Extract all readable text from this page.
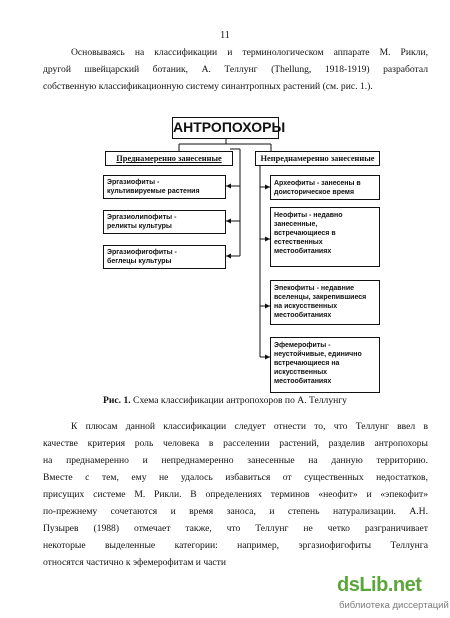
11
Основываясь на классификации и терминологическом аппарате М. Рикли,
другой швейцарский ботаник, А. Теллунг (Thellung, 1918-1919) разработал
собственную классификационную систему синантропных растений (см. рис. 1.).
АНТРОПОХОРЫ
Преднамеренно занесенные	Непреднамеренно занесенные
Эргазиофиты -
культивируемые растения
Эргазиолипофиты -
реликты культуры
Эргазиофигофиты -
беглецы культуры
Археофиты - занесены в
доисторическое время
Неофиты - недавно
занесенные,
встречающиеся в
естественных
местообитаниях
Эпекофиты - недавние
вселенцы, закрепившиеся
на искусственных
местообитаниях
Эфемерофиты -
неустойчивые, единично
встречающиеся на
искусственных
местообитаниях
Рис. 1. Схема классификации антропохоров по А. Теллунгу
К плюсам данной классификации следует отнести то, что Теллунг ввел в
качестве критерия роль человека в расселении растений, разделив антропохоры
на преднамеренно и непреднамеренно занесенные на данную территорию.
Вместе с тем, ему не удалось избавиться от существенных недостатков,
присущих системе М. Рикли. В определениях терминов «неофит» и «эпекофит»
по-прежнему сочетаются и время заноса, и степень натурализации. А.Н.
Пузырев (1988) отмечает также, что Теллунг не четко разграничивает
некоторые выделенные категории: например, эргазиофигофиты Теллунга
относятся частично к эфемерофитам и части
dsLib.net
библиотека диссертаций
